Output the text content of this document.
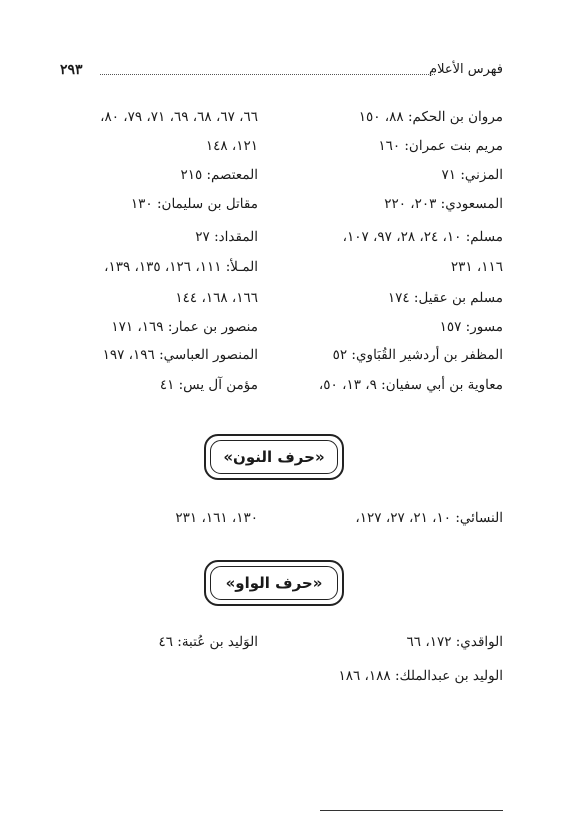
فهرس الأعلام
٢٩٣
مروان بن الحكم: ٨٨، ١٥٠
مريم بنت عمران: ١٦٠
المزني: ٧١
المسعودي: ٢٠٣، ٢٢٠
مسلم: ١٠، ٢٤، ٢٨، ٩٧، ١٠٧،
١١٦، ٢٣١
مسلم بن عقيل: ١٧٤
مسور: ١٥٧
المظفر بن أردشير القُبَاوي: ٥٢
معاوية بن أبي سفيان: ٩، ١٣، ٥٠،
٦٦، ٦٧، ٦٨، ٦٩، ٧١، ٧٩، ٨٠،
١٢١، ١٤٨
المعتصم: ٢١٥
مقاتل بن سليمان: ١٣٠
المقداد: ٢٧
المـلأ: ١١١، ١٢٦، ١٣٥، ١٣٩،
١٦٦، ١٦٨، ١٤٤
منصور بن عمار: ١٦٩، ١٧١
المنصور العباسي: ١٩٦، ١٩٧
مؤمن آل يس: ٤١
«حرف النون»
النسائي: ١٠، ٢١، ٢٧، ١٢٧،
١٣٠، ١٦١، ٢٣١
«حرف الواو»
الواقدي: ١٧٢، ٦٦
الوَليد بن عُتبة: ٤٦
الوليد بن عبدالملك: ١٨٨، ١٨٦
